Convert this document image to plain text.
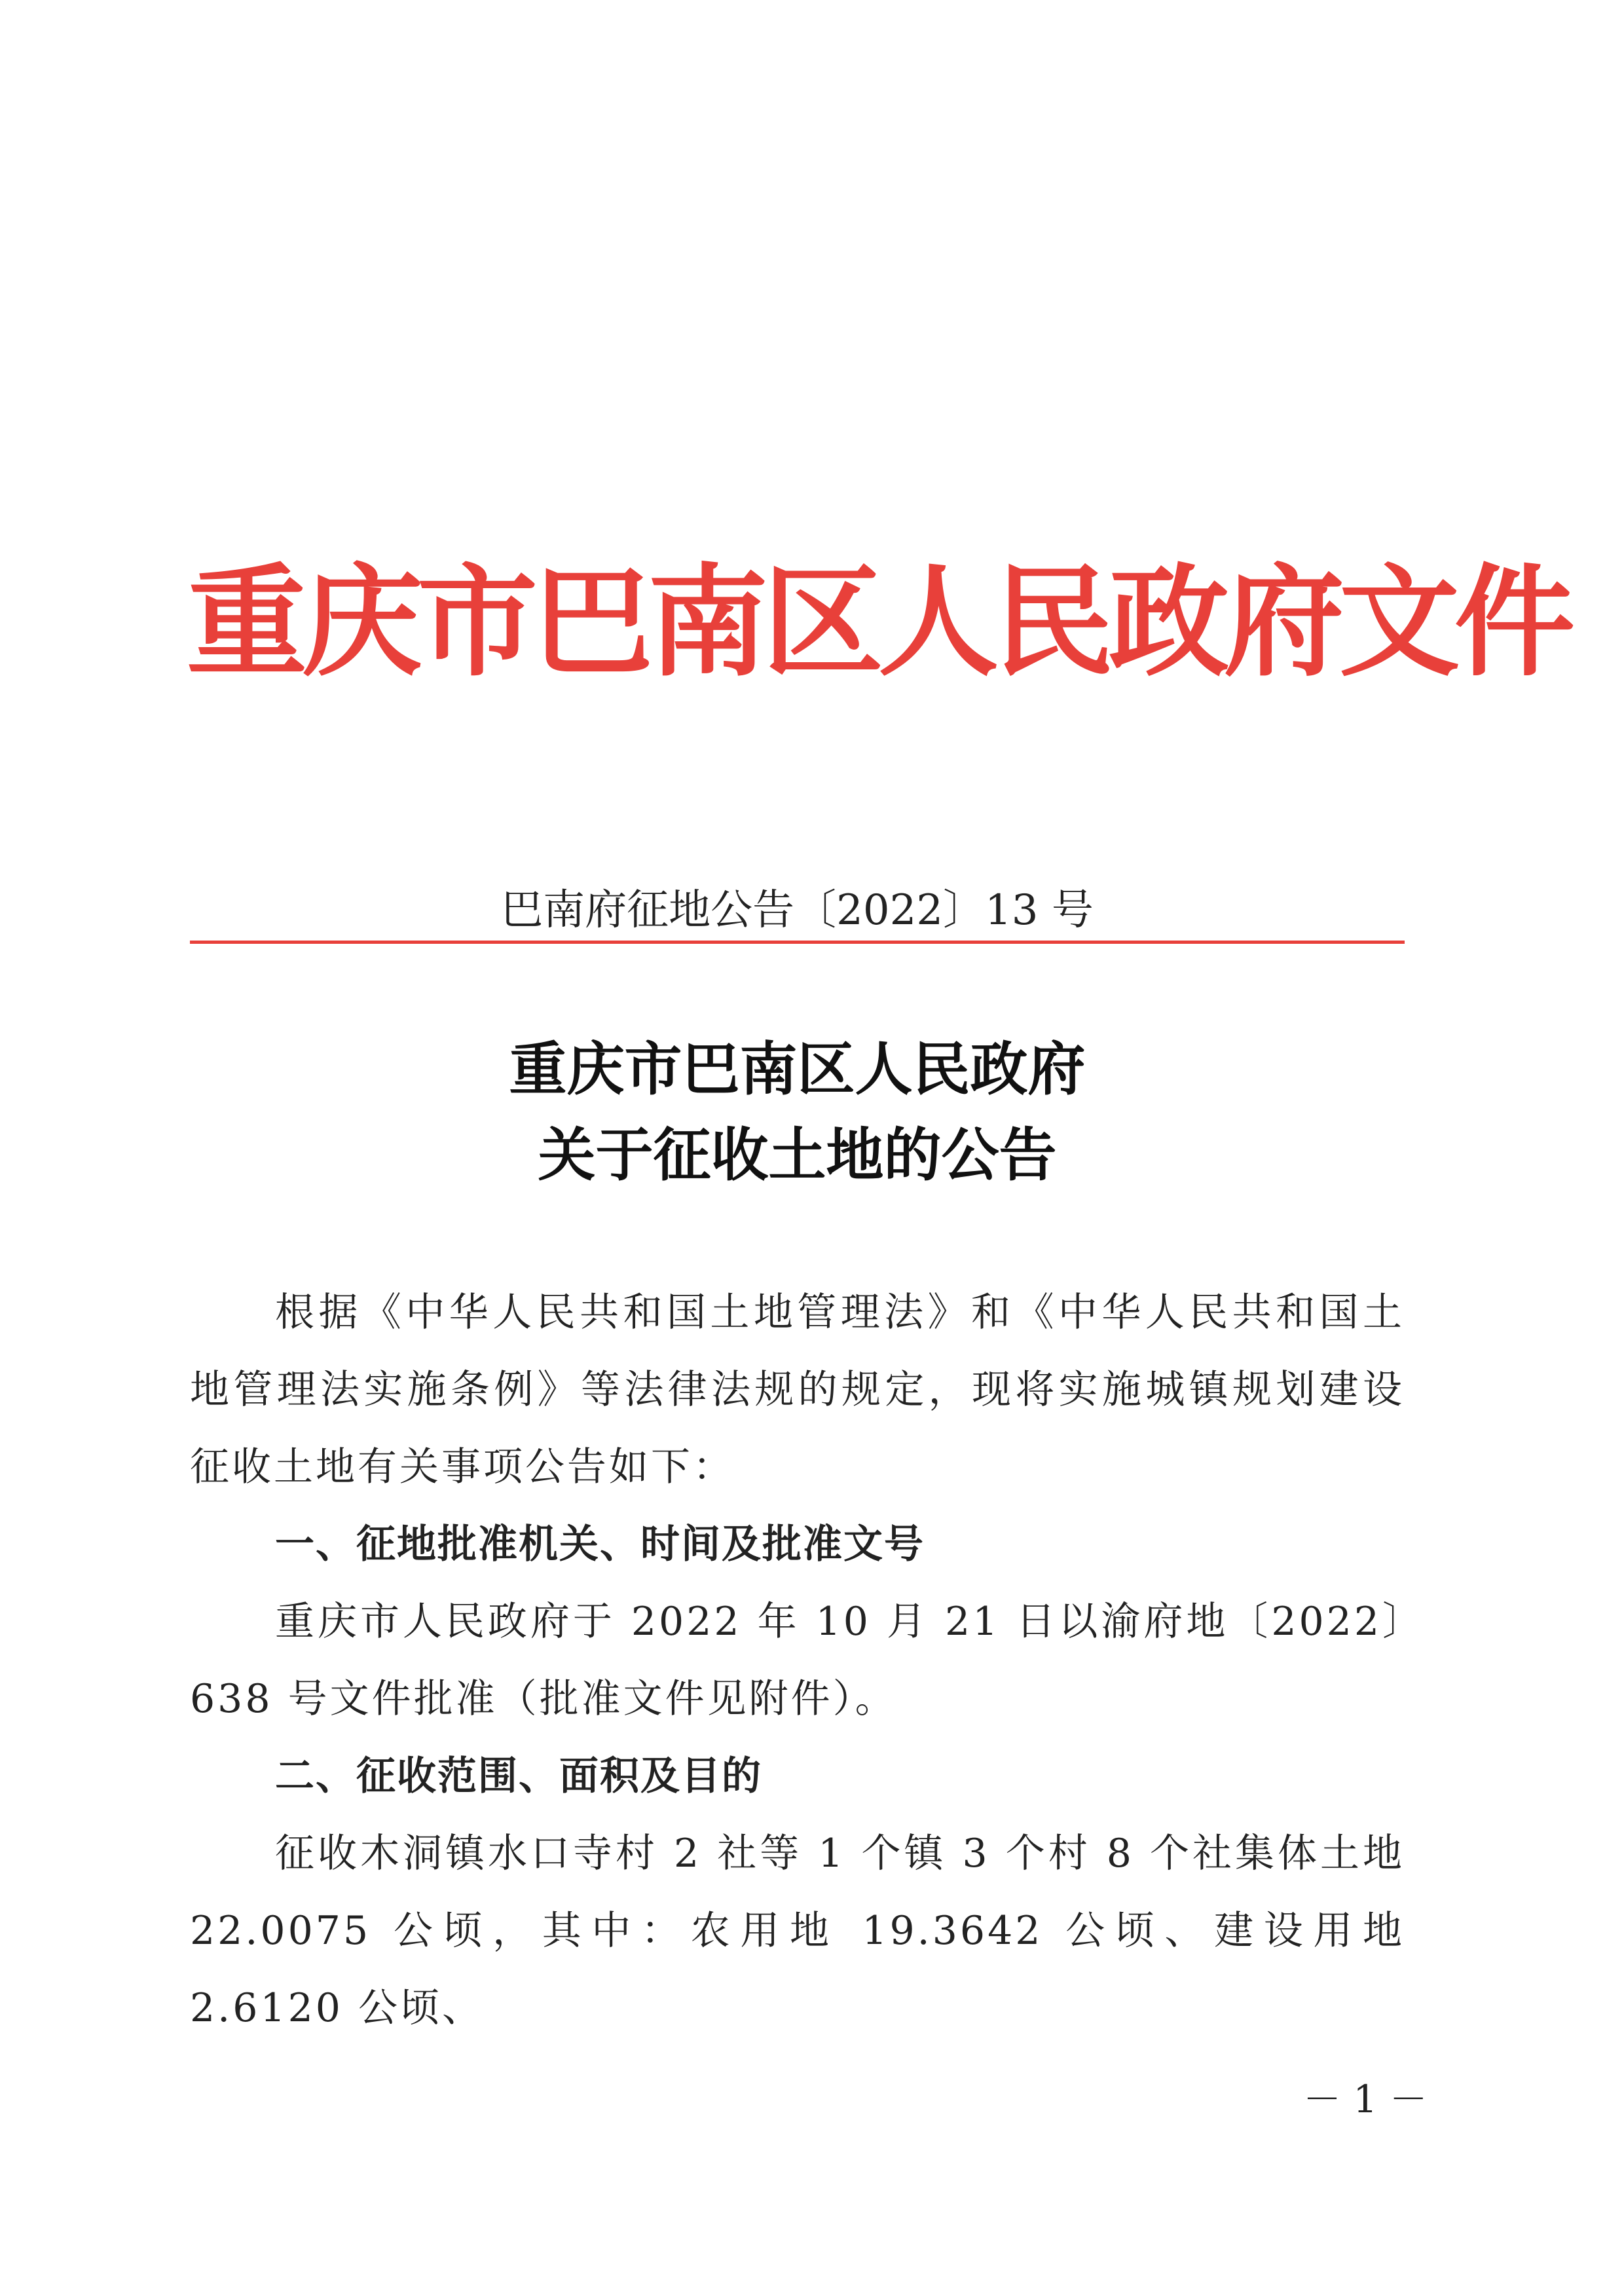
重庆市巴南区人民政府文件
巴南府征地公告〔2022〕13 号
重庆市巴南区人民政府
关于征收土地的公告

根据《中华人民共和国土地管理法》和《中华人民共和国土地管理法实施条例》等法律法规的规定，现将实施城镇规划建设征收土地有关事项公告如下：

一、征地批准机关、时间及批准文号

重庆市人民政府于 2022 年 10 月 21 日以渝府地〔2022〕638 号文件批准（批准文件见附件）。

二、征收范围、面积及目的

征收木洞镇水口寺村 2 社等 1 个镇 3 个村 8 个社集体土地 22.0075 公顷，其中：农用地 19.3642 公顷、建设用地 2.6120 公顷、

－ 1 －
